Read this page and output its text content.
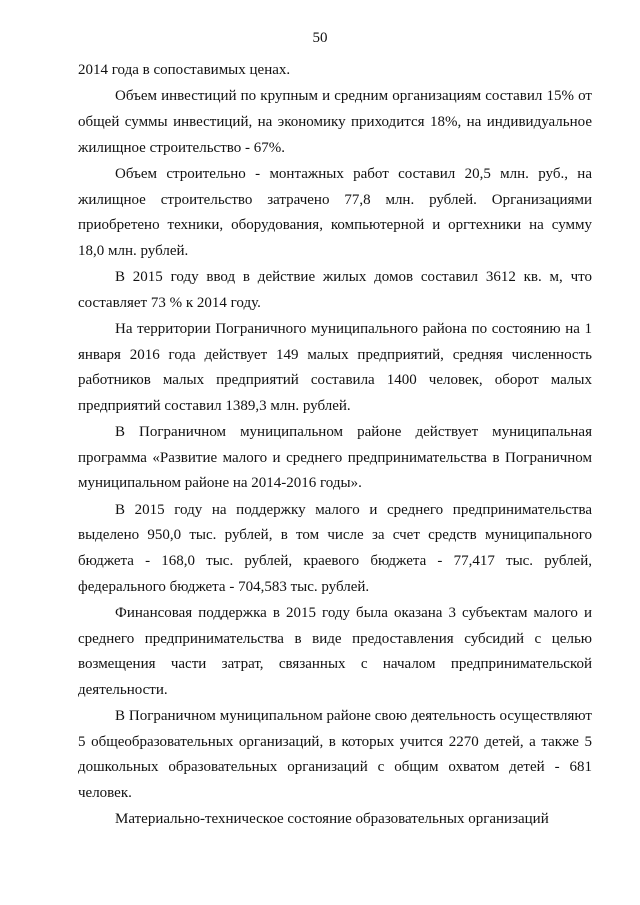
50

2014 года в сопоставимых ценах.

Объем инвестиций по крупным и средним организациям составил 15% от общей суммы инвестиций, на экономику приходится 18%, на индивидуальное жилищное строительство - 67%.

Объем строительно - монтажных работ составил 20,5 млн. руб., на жилищное строительство затрачено 77,8 млн. рублей. Организациями приобретено техники, оборудования, компьютерной и оргтехники на сумму 18,0 млн. рублей.

В 2015 году ввод в действие жилых домов составил 3612 кв. м, что составляет 73 % к 2014 году.

На территории Пограничного муниципального района по состоянию на 1 января 2016 года действует 149 малых предприятий, средняя численность работников малых предприятий составила 1400 человек, оборот малых предприятий составил 1389,3 млн. рублей.

В Пограничном муниципальном районе действует муниципальная программа «Развитие малого и среднего предпринимательства в Пограничном муниципальном районе на 2014-2016 годы».

В 2015 году на поддержку малого и среднего предпринимательства выделено 950,0 тыс. рублей, в том числе за счет средств муниципального бюджета - 168,0 тыс. рублей, краевого бюджета - 77,417 тыс. рублей, федерального бюджета - 704,583 тыс. рублей.

Финансовая поддержка в 2015 году была оказана 3 субъектам малого и среднего предпринимательства в виде предоставления субсидий с целью возмещения части затрат, связанных с началом предпринимательской деятельности.

В Пограничном муниципальном районе свою деятельность осуществляют 5 общеобразовательных организаций, в которых учится 2270 детей, а также 5 дошкольных образовательных организаций с общим охватом детей - 681 человек.

Материально-техническое состояние образовательных организаций
